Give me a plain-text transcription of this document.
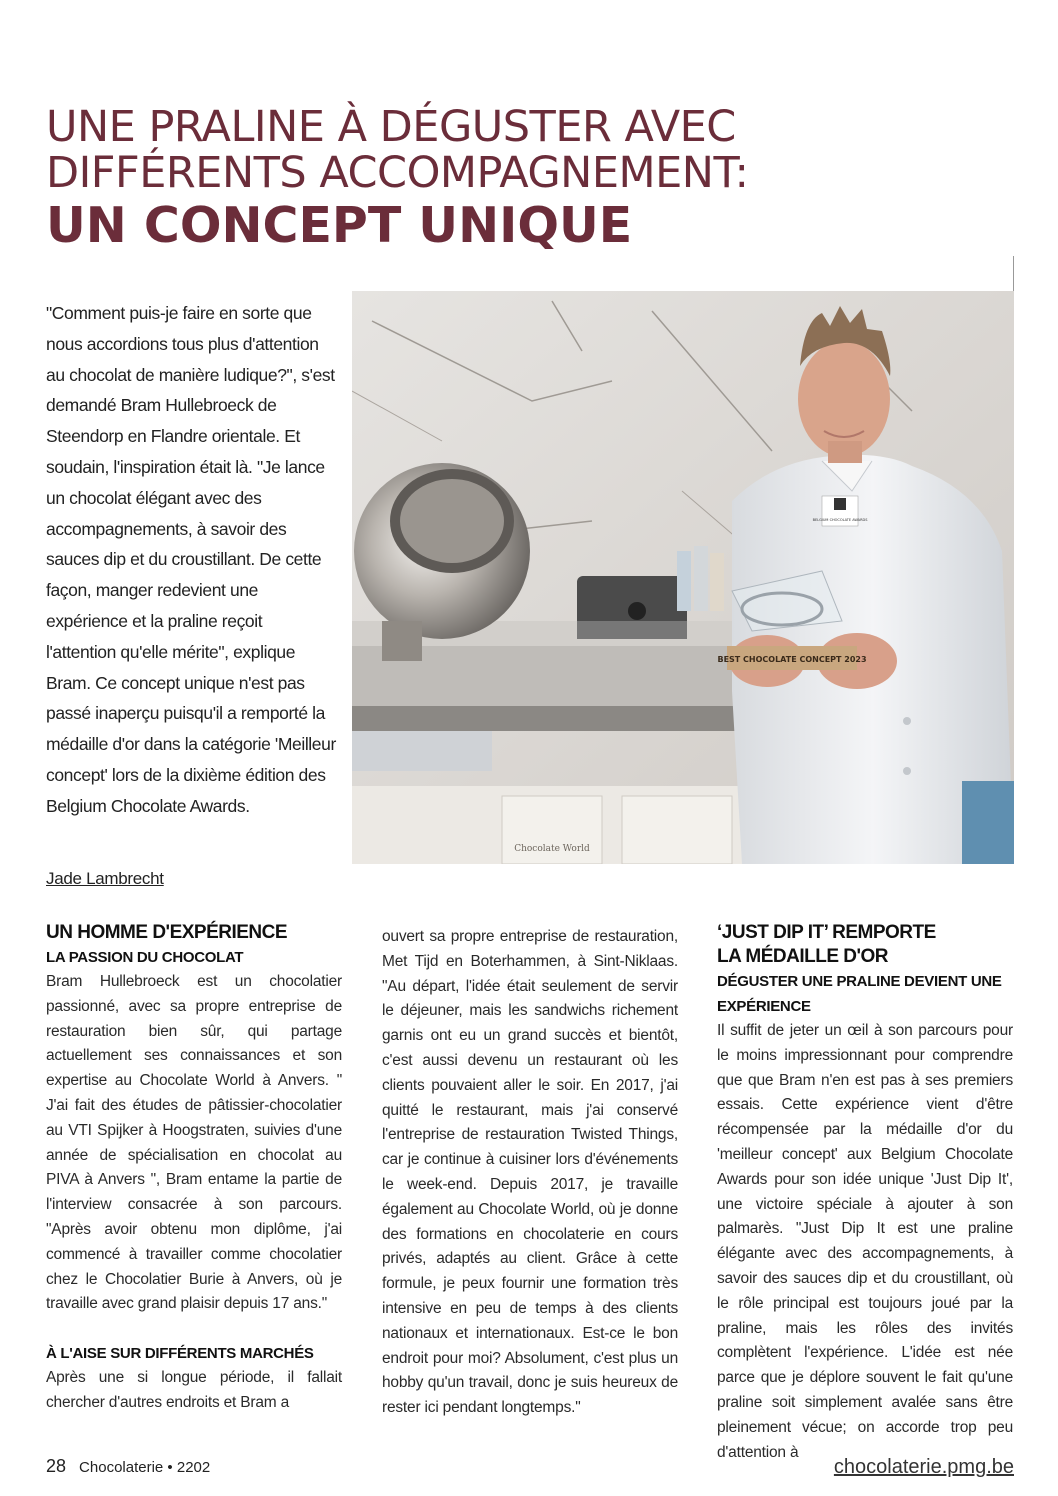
UNE PRALINE À DÉGUSTER AVEC
DIFFÉRENTS ACCOMPAGNEMENT:
UN CONCEPT UNIQUE
"Comment puis-je faire en sorte que nous accordions tous plus d'attention au chocolat de manière ludique?", s'est demandé Bram Hullebroeck de Steendorp en Flandre orientale. Et soudain, l'inspiration était là. "Je lance un chocolat élégant avec des accompagnements, à savoir des sauces dip et du croustillant. De cette façon, manger redevient une expérience et la praline reçoit l'attention qu'elle mérite", explique Bram. Ce concept unique n'est pas passé inaperçu puisqu'il a remporté la médaille d'or dans la catégorie 'Meilleur concept' lors de la dixième édition des Belgium Chocolate Awards.
Jade Lambrecht
Chocolate World
BELGIUM CHOCOLATE AWARDS
BEST CHOCOLATE CONCEPT 2023
UN HOMME D'EXPÉRIENCE
LA PASSION DU CHOCOLAT

Bram Hullebroeck est un chocolatier passionné, avec sa propre entreprise de restauration bien sûr, qui partage actuellement ses connaissances et son expertise au Chocolate World à Anvers. " J'ai fait des études de pâtissier-chocolatier au VTI Spijker à Hoogstraten, suivies d'une année de spécialisation en chocolat au PIVA à Anvers ", Bram entame la partie de l'interview consacrée à son parcours. "Après avoir obtenu mon diplôme, j'ai commencé à travailler comme chocolatier chez le Chocolatier Burie à Anvers, où je travaille avec grand plaisir depuis 17 ans."

À L'AISE SUR DIFFÉRENTS MARCHÉS

Après une si longue période, il fallait chercher d'autres endroits et Bram a

ouvert sa propre entreprise de restauration, Met Tijd en Boterhammen, à Sint-Niklaas. "Au départ, l'idée était seulement de servir le déjeuner, mais les sandwichs richement garnis ont eu un grand succès et bientôt, c'est aussi devenu un restaurant où les clients pouvaient aller le soir. En 2017, j'ai quitté le restaurant, mais j'ai conservé l'entreprise de restauration Twisted Things, car je continue à cuisiner lors d'événements le week-end. Depuis 2017, je travaille également au Chocolate World, où je donne des formations en chocolaterie en cours privés, adaptés au client. Grâce à cette formule, je peux fournir une formation très intensive en peu de temps à des clients nationaux et internationaux. Est-ce le bon endroit pour moi? Absolument, c'est plus un hobby qu'un travail, donc je suis heureux de rester ici pendant longtemps."

‘JUST DIP IT’ REMPORTE
LA MÉDAILLE D'OR
DÉGUSTER UNE PRALINE DEVIENT UNE EXPÉRIENCE

Il suffit de jeter un œil à son parcours pour le moins impressionnant pour comprendre que que Bram n'en est pas à ses premiers essais. Cette expérience vient d'être récompensée par la médaille d'or du 'meilleur concept' aux Belgium Chocolate Awards pour son idée unique 'Just Dip It', une victoire spéciale à ajouter à son palmarès. "Just Dip It est une praline élégante avec des accompagnements, à savoir des sauces dip et du croustillant, où le rôle principal est toujours joué par la praline, mais les rôles des invités complètent l'expérience. L'idée est née parce que je déplore souvent le fait qu'une praline soit simplement avalée sans être pleinement vécue; on accorde trop peu d'attention à

28 Chocolaterie • 2202	chocolaterie.pmg.be
